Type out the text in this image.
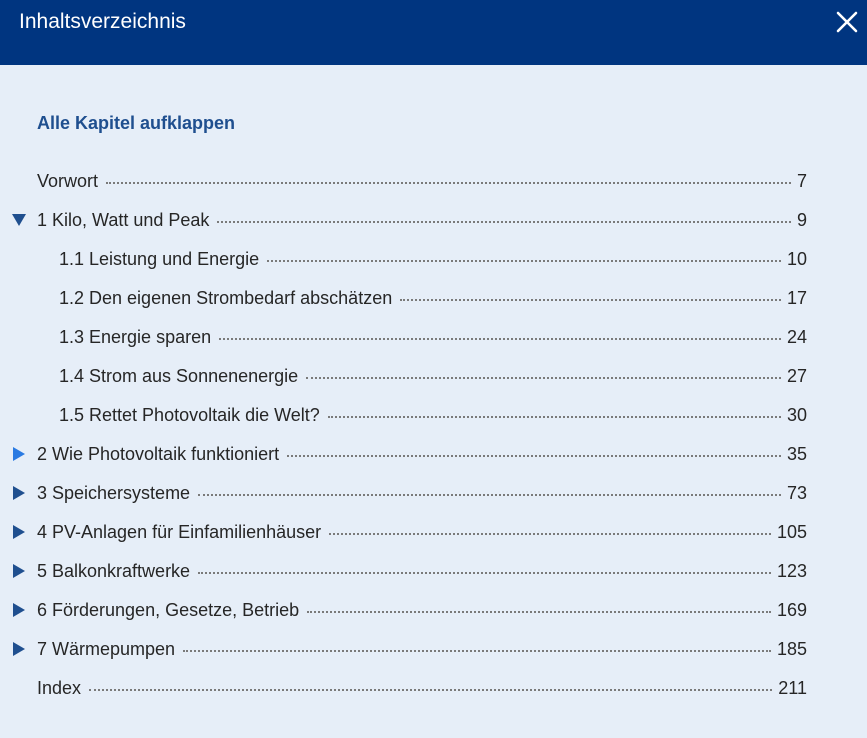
Inhaltsverzeichnis
Alle Kapitel aufklappen
Vorwort	7
1 Kilo, Watt und Peak	9
1.1 Leistung und Energie	10
1.2 Den eigenen Strombedarf abschätzen	17
1.3 Energie sparen	24
1.4 Strom aus Sonnenenergie	27
1.5 Rettet Photovoltaik die Welt?	30
2 Wie Photovoltaik funktioniert	35
3 Speichersysteme	73
4 PV-Anlagen für Einfamilienhäuser	105
5 Balkonkraftwerke	123
6 Förderungen, Gesetze, Betrieb	169
7 Wärmepumpen	185
Index	211
